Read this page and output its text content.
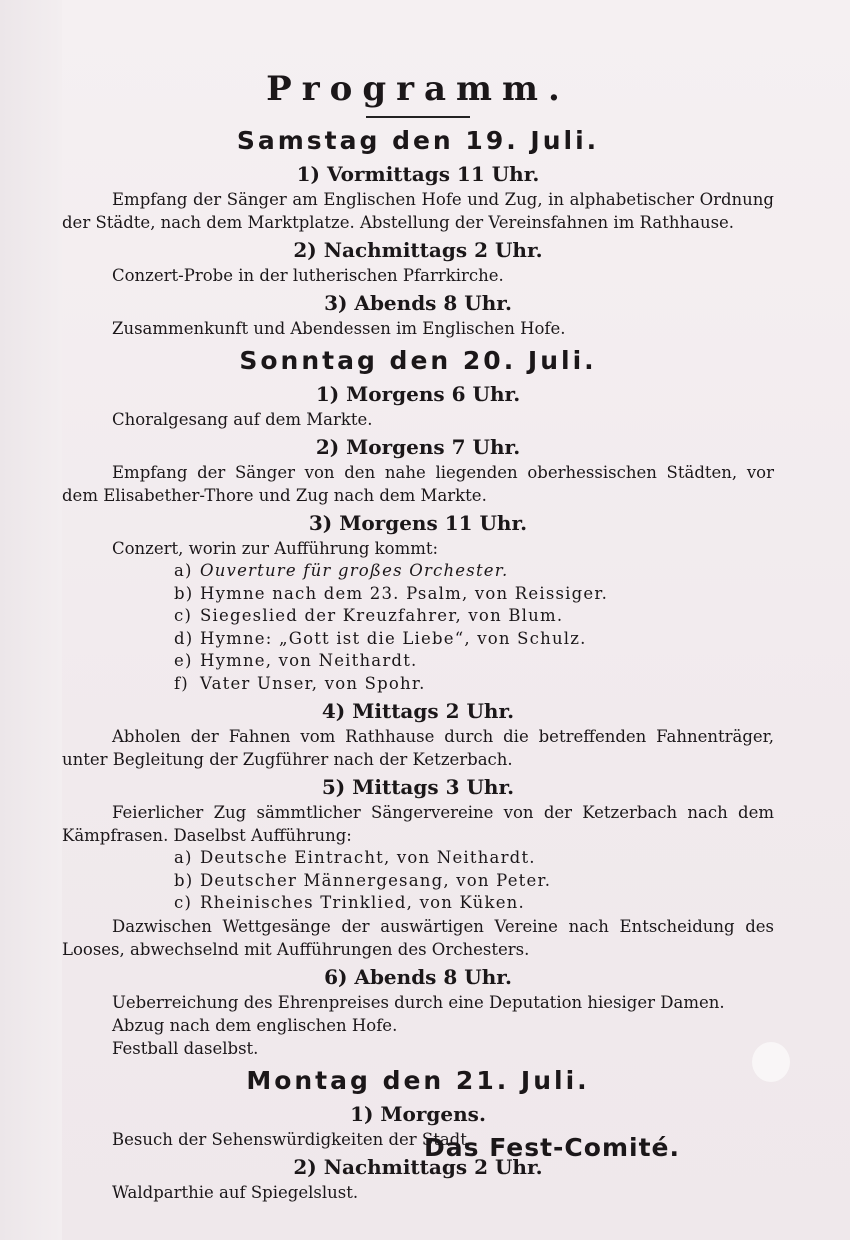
Programm.
Samstag den 19. Juli.
1) Vormittags 11 Uhr.

Empfang der Sänger am Englischen Hofe und Zug, in alphabetischer Ordnung der Städte, nach dem Marktplatze. Abstellung der Vereinsfahnen im Rathhause.

2) Nachmittags 2 Uhr.

Conzert-Probe in der lutherischen Pfarrkirche.

3) Abends 8 Uhr.

Zusammenkunft und Abendessen im Englischen Hofe.

Sonntag den 20. Juli.
1) Morgens 6 Uhr.

Choralgesang auf dem Markte.

2) Morgens 7 Uhr.

Empfang der Sänger von den nahe liegenden oberhessischen Städten, vor dem Elisabether-Thore und Zug nach dem Markte.

3) Morgens 11 Uhr.

Conzert, worin zur Aufführung kommt:

a) Ouverture für großes Orchester.
b) Hymne nach dem 23. Psalm, von Reissiger.
c) Siegeslied der Kreuzfahrer, von Blum.
d) Hymne: „Gott ist die Liebe“, von Schulz.
e) Hymne, von Neithardt.
f) Vater Unser, von Spohr.
4) Mittags 2 Uhr.

Abholen der Fahnen vom Rathhause durch die betreffenden Fahnenträger, unter Begleitung der Zugführer nach der Ketzerbach.

5) Mittags 3 Uhr.

Feierlicher Zug sämmtlicher Sängervereine von der Ketzerbach nach dem Kämpfrasen. Daselbst Aufführung:

a) Deutsche Eintracht, von Neithardt.
b) Deutscher Männergesang, von Peter.
c) Rheinisches Trinklied, von Küken.

Dazwischen Wettgesänge der auswärtigen Vereine nach Entscheidung des Looses, abwechselnd mit Aufführungen des Orchesters.

6) Abends 8 Uhr.

Ueberreichung des Ehrenpreises durch eine Deputation hiesiger Damen.

Abzug nach dem englischen Hofe.

Festball daselbst.

Montag den 21. Juli.
1) Morgens.

Besuch der Sehenswürdigkeiten der Stadt.

2) Nachmittags 2 Uhr.

Waldparthie auf Spiegelslust.

Das Fest-Comité.
